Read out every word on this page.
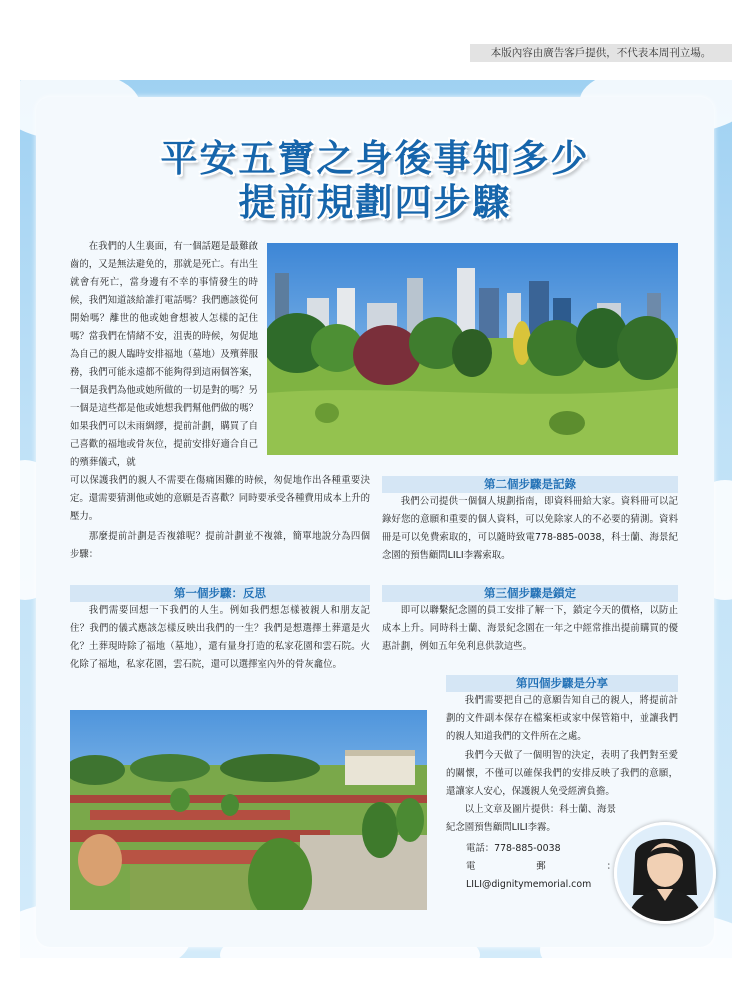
本版內容由廣告客戶提供，不代表本周刊立場。
平安五寶之身後事知多少
提前規劃四步驟

在我們的人生裏面，有一個話題是最難啟齒的，又是無法避免的，那就是死亡。有出生就會有死亡，當身邊有不幸的事情發生的時候，我們知道該給誰打電話嗎？我們應該從何開始嗎？離世的他或她會想被人怎樣的記住嗎？當我們在情緒不安，沮喪的時候，匆促地為自己的親人臨時安排福地（墓地）及殯葬服務，我們可能永遠都不能夠得到這兩個答案，一個是我們為他或她所做的一切是對的嗎？另一個是這些都是他或她想我們幫他們做的嗎？如果我們可以未雨綢繆，提前計劃，購買了自己喜歡的福地或骨灰位，提前安排好適合自己的殯葬儀式，就

可以保護我們的親人不需要在傷痛困難的時候，匆促地作出各種重要決定。還需要猜測他或她的意願是否喜歡？同時要承受各種費用成本上升的壓力。

那麼提前計劃是否複雜呢？提前計劃並不複雜，簡單地說分為四個步驟：

第二個步驟是記錄

我們公司提供一個個人規劃指南，即資料冊給大家。資料冊可以記錄好您的意願和重要的個人資料，可以免除家人的不必要的猜測。資料冊是可以免費索取的，可以隨時致電778-885-0038，科士蘭、海景紀念園的預售顧問LILI李霧索取。

第一個步驟：反思

我們需要回想一下我們的人生。例如我們想怎樣被親人和朋友記住？我們的儀式應該怎樣反映出我們的一生？我們是想選擇土葬還是火化？土葬現時除了福地（墓地），還有量身打造的私家花園和雲石院。火化除了福地，私家花園，雲石院，還可以選擇室內外的骨灰龕位。

第三個步驟是鎖定

即可以聯繫紀念園的員工安排了解一下，鎖定今天的價格，以防止成本上升。同時科士蘭、海景紀念園在一年之中經常推出提前購買的優惠計劃，例如五年免利息供款這些。

第四個步驟是分享

我們需要把自己的意願告知自己的親人，將提前計劃的文件副本保存在檔案柜或家中保管箱中，並讓我們的親人知道我們的文件所在之處。

我們今天做了一個明智的決定，表明了我們對至愛的關懷，不僅可以確保我們的安排反映了我們的意願，還讓家人安心，保護親人免受經濟負擔。

以上文章及圖片提供：科士蘭、海景紀念園預售顧問LILI李霧。

電話：778-885-0038

電郵：LILI@dignitymemorial.com
